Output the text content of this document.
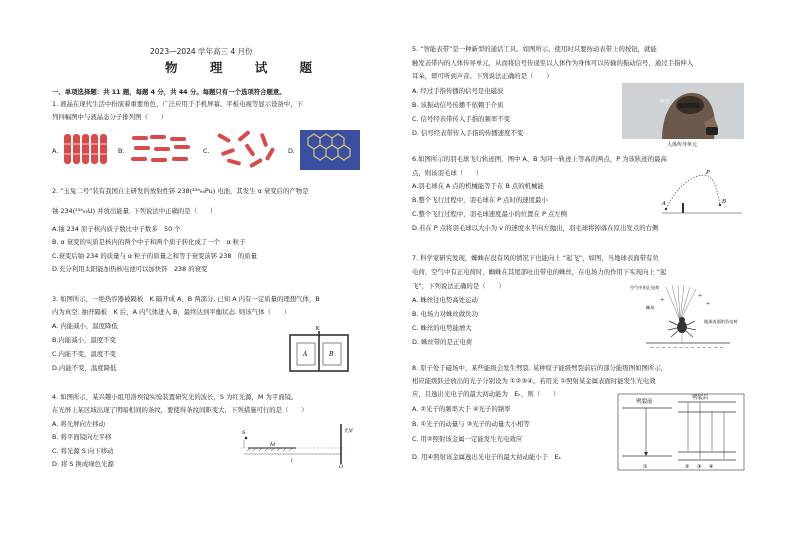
2023—2024 学年高三 4 月份
物 理 试 题
一、单项选择题：共 11 题，每题 4 分，共 44 分。每题只有一个选项符合题意。
1. 液晶在现代生活中扮演着重要角色，广泛应用于手机屏幕、平板电视等显示设备中，下
列四幅图中与液晶态分子排列图（　　）
A.	B.	C.	D.
2. “玉兔二号”装有我国自主研发的放射性钚 238(²³⁸₉₄Pu) 电池，其发生 α 衰变后的产物是
铀 234(²³⁴₉₂U) 并放出能量. 下列说法中正确的是（　　）
A.铀 234 原子核内质子数比中子数多　50 个
B. α 衰变的实质是核内的两个中子和两个质子转化成了一个　α 粒子
C.衰变后铀 234 的质量与 α 粒子的质量之和等于衰变前钚 238　的质量
D.充分利用太阳能加热核电池可以加快钚　238 的衰变
3. 如图所示，一绝热容器被隔板　K 隔开成 A、B 两部分. 已知 A 内有一定质量的理想气体，B
内为真空. 抽开隔板　K 后，A 内气体进入 B，最终达到平衡状态. 则该气体（　　）
A. 内能减小，温度降低
B.内能减小，温度不变
C.内能不变，温度不变
D.内能不变，温度降低
K
A	B
4. 如图所示，某兴趣小组用洛埃镜实验装置研究光的波长，S 为红光源，M 为平面镜。
在光屏上某区域出现了明暗相间的条纹，要使得条纹间距变大，下列措施可行的是（　　）
A. 将光屏向左移动
B. 将平面镜向左平移
C. 将光源 S 向下移动
D. 将 S 换成绿色光源
S
M
O
光屏
l
5. “智能表带”是一种新型的通话工具。如图所示，使用时只要按动表带上的按钮，就能
触发表带内的人体传导单元，从而将信号传递至以人体作为身体可以传输的振动信号，通过手指伸入
耳朵，即可听到声音。下列说法正确的是（　　）
A. 经过手指传播的信号是电磁波
B. 该振动信号传播不依赖于介质
C. 信号经表带传入手指的频率不变
D. 信号经表带传入手指的传播速度不变
声音
人体传导单元
6.如图所示的羽毛球飞行轨迹图，图中 A、B 为同一轨迹上等高的两点，P 为该轨迹的最高
点，则该羽毛球（　　）
A.羽毛球在 A 点的机械能等于在 B 点的机械能
B.整个飞行过程中，羽毛球在 P 点时的速度最小
C.整个飞行过程中，羽毛球速度最小的位置在 P 点左侧
D.若在 P 点将羽毛球以大小为 v 的速度水平向左抛出，羽毛球将掉落在原出发点的右侧
P
A	B
7. 科学家研究发现，蜘蛛在没有风的情况下也能向上 “起飞”，如图，当地球表面带有负
电荷，空气中有正电荷时，蜘蛛在其尾部吐出带电的蛛丝，在电场力的作用下实现向上 “起
飞”，下列说法正确的是（　　）
A. 蛛丝往电势高处运动
B. 电场力对蛛丝做负功
C. 蛛丝的电势能增大
D. 蛛丝带的是正电荷
− − − − − − − − − − − − −
+
+
+
空气中的正电荷
蛛丝
地球表面的负电荷
8. 原子处于磁场中，某些能级会发生劈裂. 某种原子能级劈裂前后的部分能级图如图所示，
相应能级跃迁放出的光子分别设为 ①②③④。若用光 ①照射某金属表面时能发生光电效
应，且逸出光电子的最大初动能为　Eₖ，则（　　）
A. ②光子的频率大于 ④光子的频率
B. ①光子的动量与 ③光子的动量大小相等
C. 用②照射该金属一定能发生光电效应
D. 用④照射该金属逸出光电子的最大初动能小于　Eₖ
劈裂前
劈裂后
①	② ③ ④
